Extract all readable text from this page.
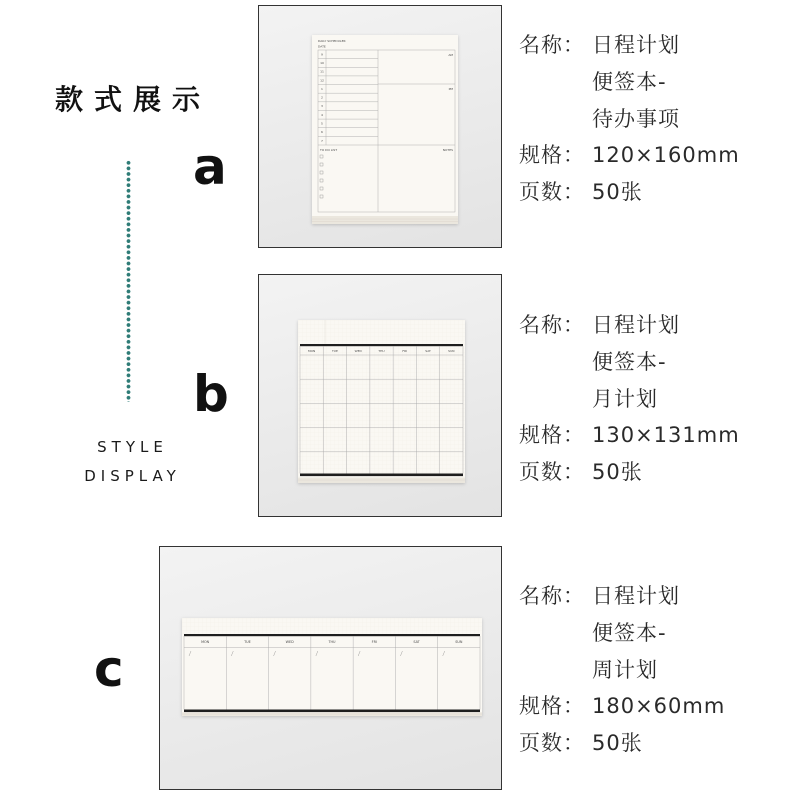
款式展示
STYLE
DISPLAY
a
b
c
DAILY SCHEDULER
DATE
AM
PM
TO DO LIST	NOTES
9
10
11
12
1
2
3
4
5
6
7
名称： 日程计划
便签本-
待办事项
规格： 120×160mm
页数： 50张
MON	TUE	WED	THU	FRI	SAT	SUN
名称： 日程计划
便签本-
月计划
规格： 130×131mm
页数： 50张
MON	TUE	WED	THU	FRI	SAT	SUN
名称： 日程计划
便签本-
周计划
规格： 180×60mm
页数： 50张
